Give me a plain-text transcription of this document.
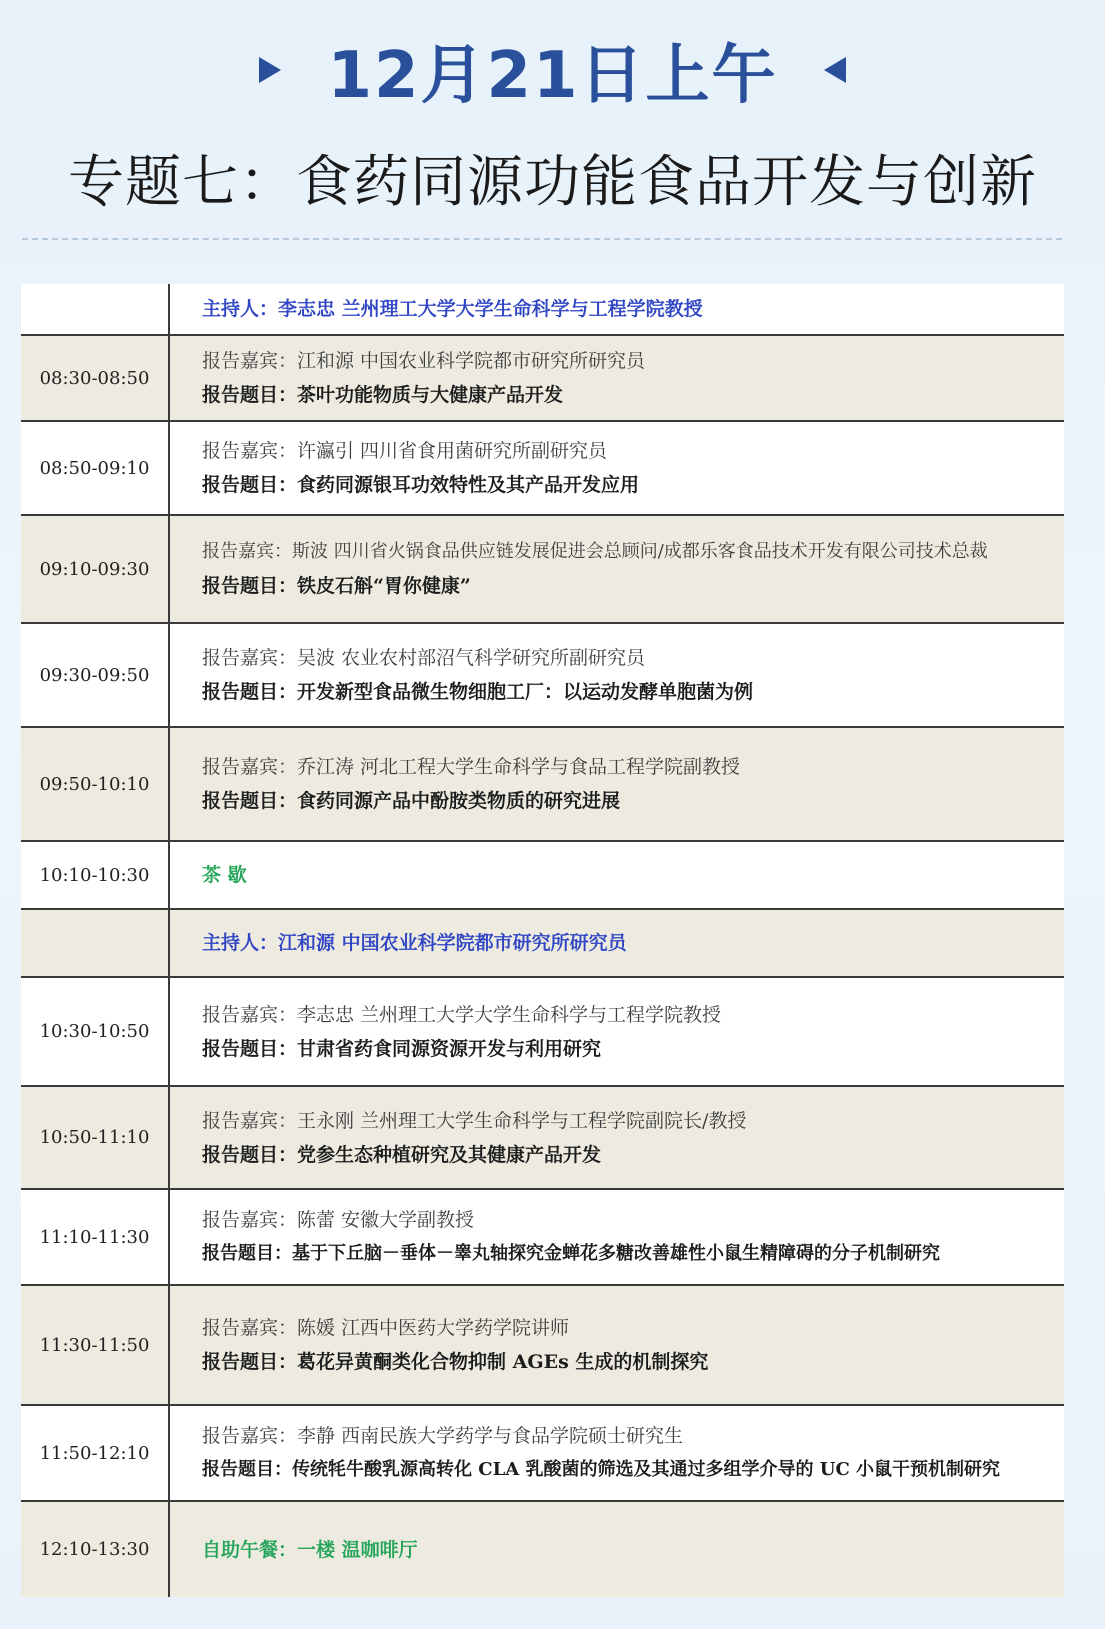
12月21日上午
专题七：食药同源功能食品开发与创新

	主持人：李志忠 兰州理工大学大学生命科学与工程学院教授

08:30-08:50	报告嘉宾：江和源 中国农业科学院都市研究所研究员
报告题目：茶叶功能物质与大健康产品开发

08:50-09:10	报告嘉宾：许瀛引 四川省食用菌研究所副研究员
报告题目：食药同源银耳功效特性及其产品开发应用

09:10-09:30	报告嘉宾：斯波 四川省火锅食品供应链发展促进会总顾问/成都乐客食品技术开发有限公司技术总裁
报告题目：铁皮石斛“胃你健康”

09:30-09:50	报告嘉宾：吴波 农业农村部沼气科学研究所副研究员
报告题目：开发新型食品微生物细胞工厂：以运动发酵单胞菌为例

09:50-10:10	报告嘉宾：乔江涛 河北工程大学生命科学与食品工程学院副教授
报告题目：食药同源产品中酚胺类物质的研究进展

10:10-10:30	茶 歇

	主持人：江和源 中国农业科学院都市研究所研究员

10:30-10:50	报告嘉宾：李志忠 兰州理工大学大学生命科学与工程学院教授
报告题目：甘肃省药食同源资源开发与利用研究

10:50-11:10	报告嘉宾：王永刚 兰州理工大学生命科学与工程学院副院长/教授
报告题目：党参生态种植研究及其健康产品开发

11:10-11:30	报告嘉宾：陈蕾 安徽大学副教授
报告题目：基于下丘脑－垂体－睾丸轴探究金蝉花多糖改善雄性小鼠生精障碍的分子机制研究

11:30-11:50	报告嘉宾：陈媛 江西中医药大学药学院讲师
报告题目：葛花异黄酮类化合物抑制 AGEs 生成的机制探究

11:50-12:10	报告嘉宾：李静 西南民族大学药学与食品学院硕士研究生
报告题目：传统牦牛酸乳源高转化 CLA 乳酸菌的筛选及其通过多组学介导的 UC 小鼠干预机制研究

12:10-13:30	自助午餐：一楼 温咖啡厅
